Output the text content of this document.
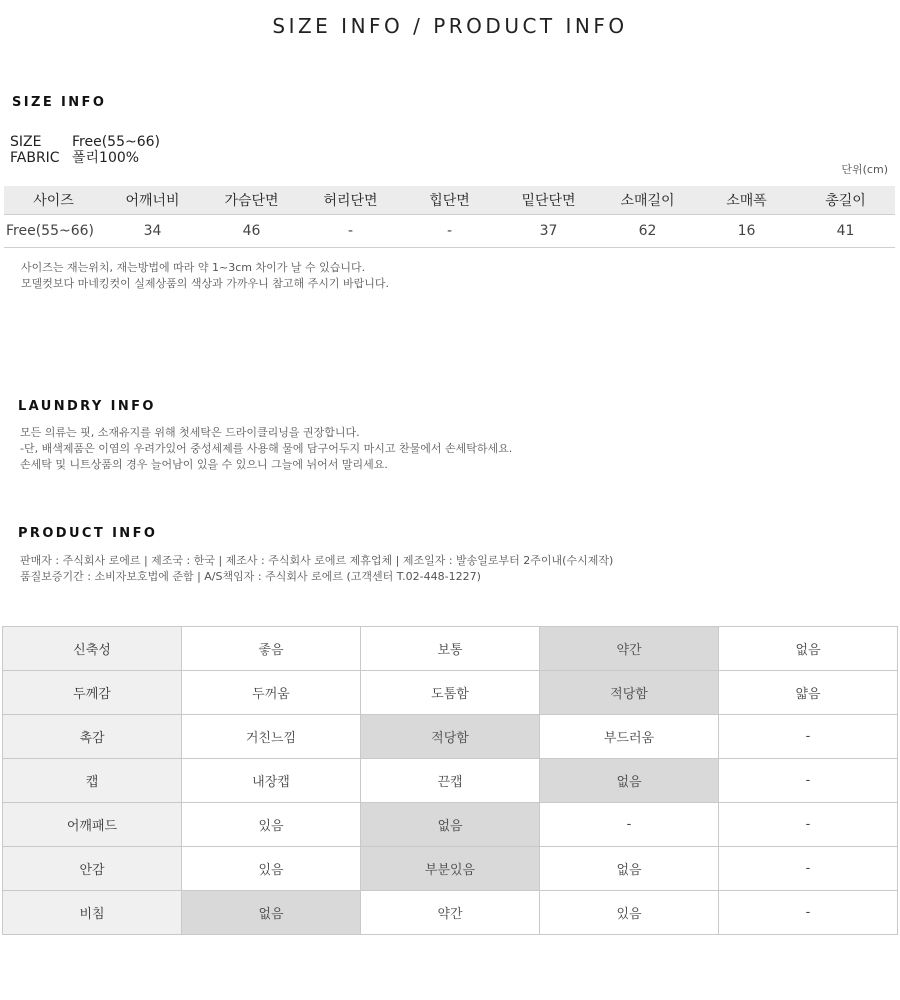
SIZE INFO / PRODUCT INFO
SIZE INFO
SIZE Free(55~66)
FABRIC 폴리100%
단위(cm)
사이즈	어깨너비	가슴단면	허리단면	힙단면	밑단단면	소매길이	소매폭	총길이
Free(55~66)	34	46	-	-	37	62	16	41
사이즈는 재는위치, 재는방법에 따라 약 1~3cm 차이가 날 수 있습니다.
모델컷보다 마네킹컷이 실제상품의 색상과 가까우니 참고해 주시기 바랍니다.
LAUNDRY INFO
모든 의류는 핏, 소재유지를 위해 첫세탁은 드라이클리닝을 권장합니다.
-단, 배색제품은 이염의 우려가있어 중성세제를 사용해 물에 담구어두지 마시고 찬물에서 손세탁하세요.
손세탁 및 니트상품의 경우 늘어남이 있을 수 있으니 그늘에 뉘어서 말리세요.
PRODUCT INFO
판매자 : 주식회사 로에르 | 제조국 : 한국 | 제조사 : 주식회사 로에르 제휴업체 | 제조일자 : 발송일로부터 2주이내(수시제작)
품질보증기간 : 소비자보호법에 준함 | A/S책임자 : 주식회사 로에르 (고객센터 T.02-448-1227)
신축성	좋음	보통	약간	없음
두께감	두꺼움	도톰함	적당함	얇음
촉감	거친느낌	적당함	부드러움	-
캡	내장캡	끈캡	없음	-
어깨패드	있음	없음	-	-
안감	있음	부분있음	없음	-
비침	없음	약간	있음	-
